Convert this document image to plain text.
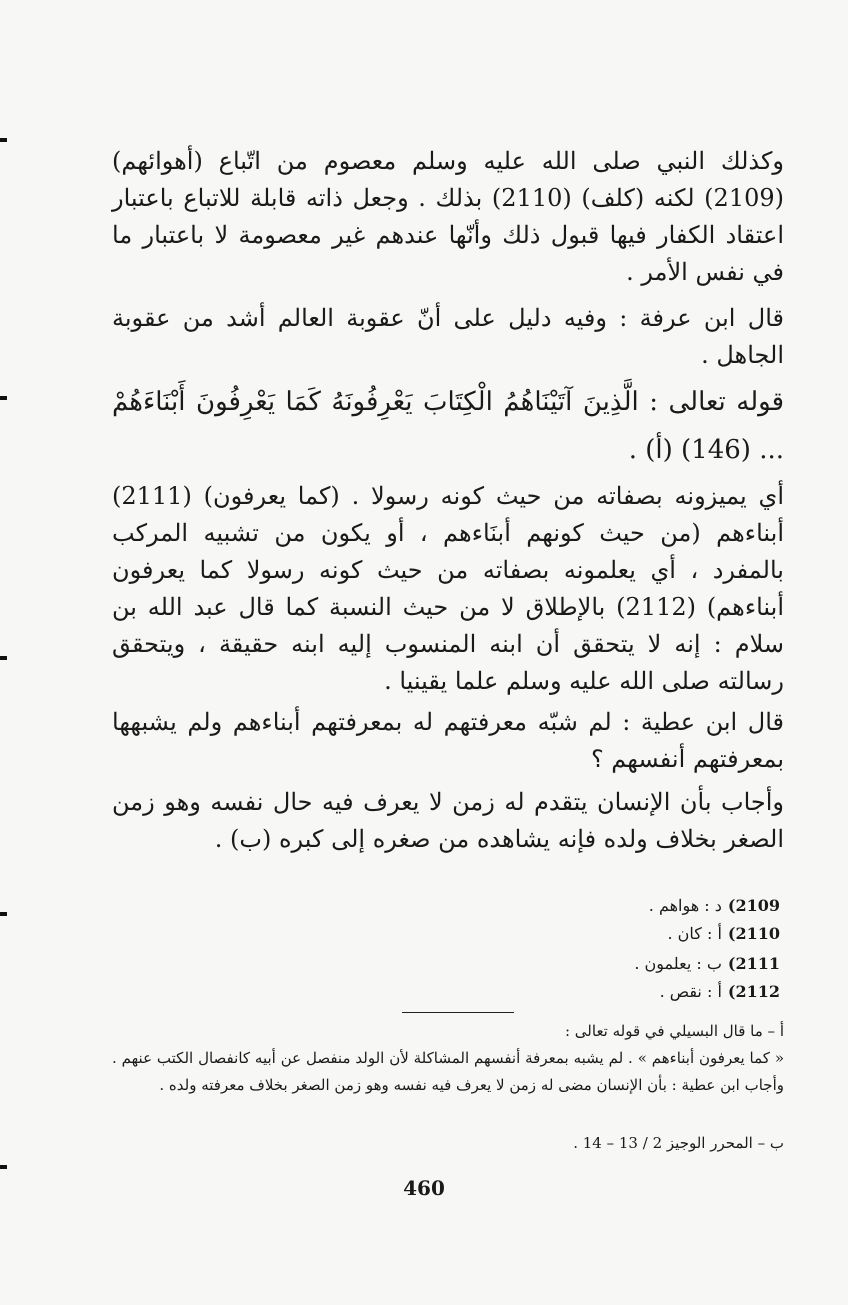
وكذلك النبي صلى الله عليه وسلم معصوم من اتّباع (أهوائهم) (2109) لكنه (كلف) (2110) بذلك . وجعل ذاته قابلة للاتباع باعتبار اعتقاد الكفار فيها قبول ذلك وأنّها عندهم غير معصومة لا باعتبار ما في نفس الأمر .

قال ابن عرفة : وفيه دليل على أنّ عقوبة العالم أشد من عقوبة الجاهل .

قوله تعالى : الَّذِينَ آتَيْنَاهُمُ الْكِتَابَ يَعْرِفُونَهُ كَمَا يَعْرِفُونَ أَبْنَاءَهُمْ ... (146) (أ) .

أي يميزونه بصفاته من حيث كونه رسولا . (كما يعرفون) (2111) أبناءهم (من حيث كونهم أبنَاءهم ، أو يكون من تشبيه المركب بالمفرد ، أي يعلمونه بصفاته من حيث كونه رسولا كما يعرفون أبناءهم) (2112) بالإطلاق لا من حيث النسبة كما قال عبد الله بن سلام : إنه لا يتحقق أن ابنه المنسوب إليه ابنه حقيقة ، ويتحقق رسالته صلى الله عليه وسلم علما يقينيا .

قال ابن عطية : لم شبّه معرفتهم له بمعرفتهم أبناءهم ولم يشبهها بمعرفتهم أنفسهم ؟

وأجاب بأن الإنسان يتقدم له زمن لا يعرف فيه حال نفسه وهو زمن الصغر بخلاف ولده فإنه يشاهده من صغره إلى كبره (ب) .

2109)د : هواهم .
2110)أ : كان .
2111)ب : يعلمون .
2112)أ : نقص .
أ – ما قال البسيلي في قوله تعالى :
« كما يعرفون أبناءهم » . لم يشبه بمعرفة أنفسهم المشاكلة لأن الولد منفصل عن أبيه كانفصال الكتب عنهم . وأجاب ابن عطية : بأن الإنسان مضى له زمن لا يعرف فيه نفسه وهو زمن الصغر بخلاف معرفته ولده .
ب – المحرر الوجيز 2 / 13 – 14 .
460
